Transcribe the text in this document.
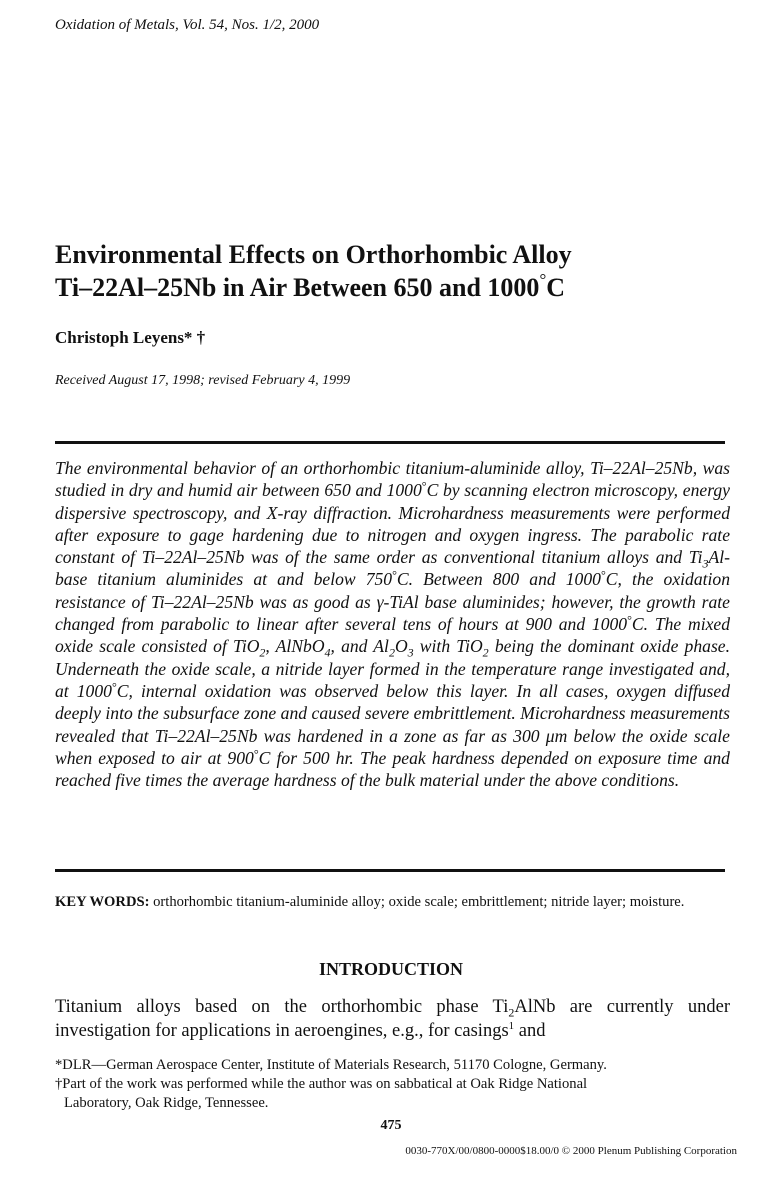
Oxidation of Metals, Vol. 54, Nos. 1/2, 2000
Environmental Effects on Orthorhombic Alloy
Ti–22Al–25Nb in Air Between 650 and 1000°C
Christoph Leyens* †
Received August 17, 1998; revised February 4, 1999

The environmental behavior of an orthorhombic titanium-aluminide alloy, Ti–22Al–25Nb, was studied in dry and humid air between 650 and 1000°C by scanning electron microscopy, energy dispersive spectroscopy, and X-ray diffraction. Microhardness measurements were performed after exposure to gage hardening due to nitrogen and oxygen ingress. The parabolic rate constant of Ti–22Al–25Nb was of the same order as conventional titanium alloys and $Ti_3Al$-base titanium aluminides at and below 750°C. Between 800 and 1000°C, the oxidation resistance of Ti–22Al–25Nb was as good as γ-TiAl base aluminides; however, the growth rate changed from parabolic to linear after several tens of hours at 900 and 1000°C. The mixed oxide scale consisted of TiO$_2$, AlNbO$_4$, and $Al_2O_3$ with TiO$_2$ being the dominant oxide phase. Underneath the oxide scale, a nitride layer formed in the temperature range investigated and, at 1000°C, internal oxidation was observed below this layer. In all cases, oxygen diffused deeply into the subsurface zone and caused severe embrittlement. Microhardness measurements revealed that Ti–22Al–25Nb was hardened in a zone as far as 300 μm below the oxide scale when exposed to air at 900°C for 500 hr. The peak hardness depended on exposure time and reached five times the average hardness of the bulk material under the above conditions.

KEY WORDS: orthorhombic titanium-aluminide alloy; oxide scale; embrittlement; nitride layer; moisture.

INTRODUCTION

Titanium alloys based on the orthorhombic phase $Ti_2AlNb$ are currently under investigation for applications in aeroengines, e.g., for casings$^1$ and

*DLR—German Aerospace Center, Institute of Materials Research, 51170 Cologne, Germany.
†Part of the work was performed while the author was on sabbatical at Oak Ridge National
Laboratory, Oak Ridge, Tennessee.
475
0030-770X/00/0800-0000$18.00/0 © 2000 Plenum Publishing Corporation
